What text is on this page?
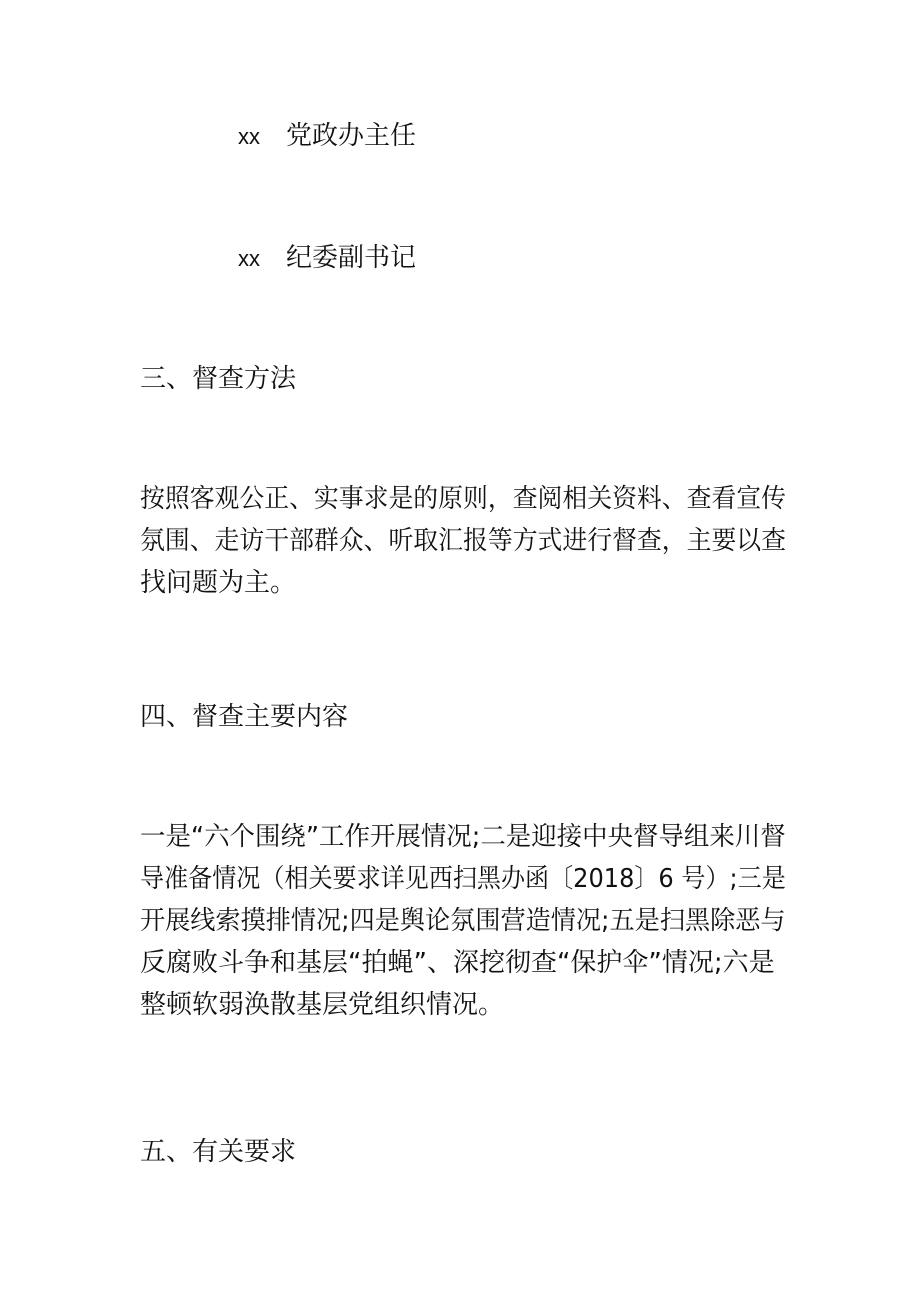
xx 党政办主任
xx 纪委副书记
三、督查方法
按照客观公正、实事求是的原则，查阅相关资料、查看宣传 氛围、走访干部群众、听取汇报等方式进行督查，主要以查
找问题为主。
四、督查主要内容
一是“六个围绕”工作开展情况;二是迎接中央督导组来川督 导准备情况（相关要求详见西扫黑办函〔2018〕6 号）;三是 开展线索摸排情况;四是舆论氛围营造情况;五是扫黑除恶与
反腐败斗争和基层“拍蝇”、深挖彻查“保护伞”情况;六是
整顿软弱涣散基层党组织情况。
五、有关要求
